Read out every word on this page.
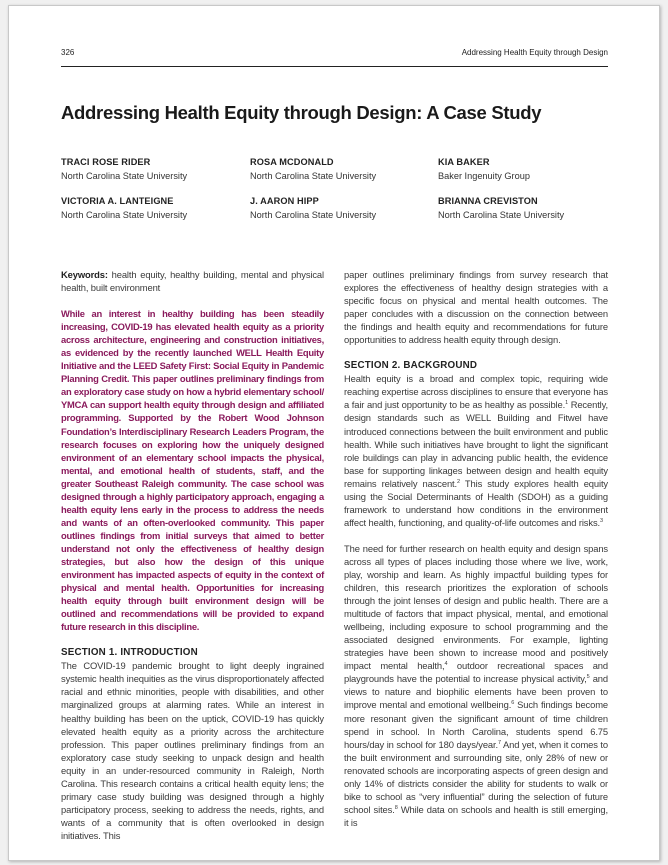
326	Addressing Health Equity through Design
Addressing Health Equity through Design: A Case Study
TRACI ROSE RIDER
North Carolina State University
ROSA MCDONALD
North Carolina State University
KIA BAKER
Baker Ingenuity Group
VICTORIA A. LANTEIGNE
North Carolina State University
J. AARON HIPP
North Carolina State University
BRIANNA CREVISTON
North Carolina State University

Keywords: health equity, healthy building, mental and physical health, built environment

While an interest in healthy building has been steadily increasing, COVID-19 has elevated health equity as a priority across architecture, engineering and construction initiatives, as evidenced by the recently launched WELL Health Equity Initiative and the LEED Safety First: Social Equity in Pandemic Planning Credit. This paper outlines preliminary findings from an exploratory case study on how a hybrid elementary school/ YMCA can support health equity through design and affiliated programming. Supported by the Robert Wood Johnson Foundation’s Interdisciplinary Research Leaders Program, the research focuses on exploring how the uniquely designed environment of an elementary school impacts the physical, mental, and emotional health of students, staff, and the greater Southeast Raleigh community. The case school was designed through a highly participatory approach, engaging a health equity lens early in the process to address the needs and wants of an often-overlooked community. This paper outlines findings from initial surveys that aimed to better understand not only the effectiveness of healthy design strategies, but also how the design of this unique environment has impacted aspects of equity in the context of physical and mental health. Opportunities for increasing health equity through built environment design will be outlined and recommendations will be provided to expand future research in this discipline.

SECTION 1. INTRODUCTION

The COVID-19 pandemic brought to light deeply ingrained systemic health inequities as the virus disproportionately affected racial and ethnic minorities, people with disabilities, and other marginalized groups at alarming rates. While an interest in healthy building has been on the uptick, COVID-19 has quickly elevated health equity as a priority across the architecture profession. This paper outlines preliminary findings from an exploratory case study seeking to unpack design and health equity in an under-resourced community in Raleigh, North Carolina. This research contains a critical health equity lens; the primary case study building was designed through a highly participatory process, seeking to address the needs, rights, and wants of a community that is often overlooked in design initiatives. This

paper outlines preliminary findings from survey research that explores the effectiveness of healthy design strategies with a specific focus on physical and mental health outcomes. The paper concludes with a discussion on the connection between the findings and health equity and recommendations for future opportunities to address health equity through design.

SECTION 2. BACKGROUND

Health equity is a broad and complex topic, requiring wide reaching expertise across disciplines to ensure that everyone has a fair and just opportunity to be as healthy as possible.$^1$ Recently, design standards such as WELL Building and Fitwel have introduced connections between the built environment and public health. While such initiatives have brought to light the significant role buildings can play in advancing public health, the evidence base for supporting linkages between design and health equity remains relatively nascent.$^2$ This study explores health equity using the Social Determinants of Health (SDOH) as a guiding framework to understand how conditions in the environment affect health, functioning, and quality-of-life outcomes and risks.$^3$

The need for further research on health equity and design spans across all types of places including those where we live, work, play, worship and learn. As highly impactful building types for children, this research prioritizes the exploration of schools through the joint lenses of design and public health. There are a multitude of factors that impact physical, mental, and emotional wellbeing, including exposure to school programming and the associated designed environments. For example, lighting strategies have been shown to increase mood and positively impact mental health,$^4$ outdoor recreational spaces and playgrounds have the potential to increase physical activity,$^5$ and views to nature and biophilic elements have been proven to improve mental and emotional wellbeing.$^6$ Such findings become more resonant given the significant amount of time children spend in school. In North Carolina, students spend 6.75 hours/day in school for 180 days/year.$^7$ And yet, when it comes to the built environment and surrounding site, only 28% of new or renovated schools are incorporating aspects of green design and only 14% of districts consider the ability for students to walk or bike to school as “very influential” during the selection of future school sites.$^8$ While data on schools and health is still emerging, it is
